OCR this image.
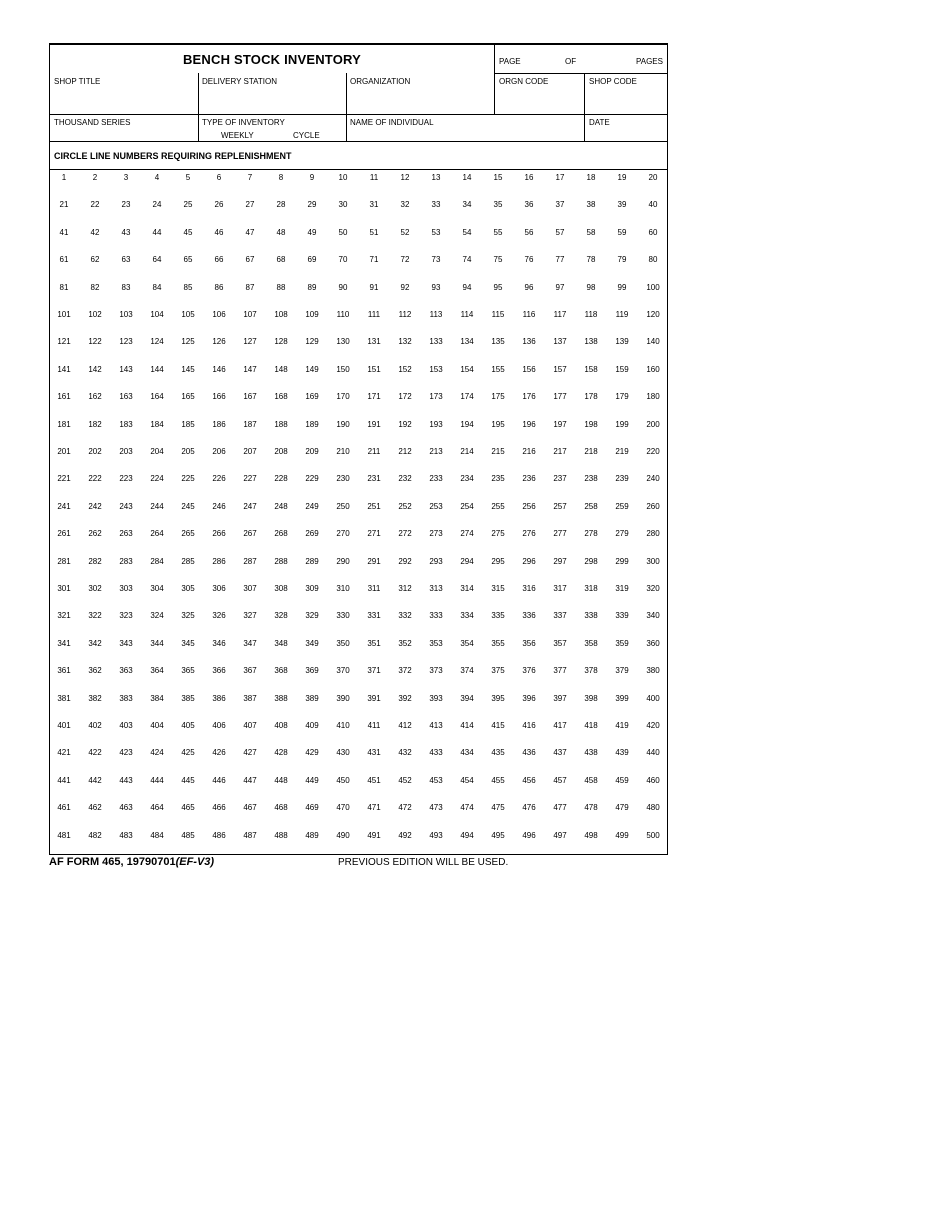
BENCH STOCK INVENTORY	PAGE	OF	PAGES
SHOP TITLE	DELIVERY STATION	ORGANIZATION	ORGN CODE	SHOP CODE
THOUSAND SERIES	TYPE OF INVENTORY
WEEKLY	CYCLE
NAME OF INDIVIDUAL	DATE
CIRCLE LINE NUMBERS REQUIRING REPLENISHMENT
1	2	3	4	5	6	7	8	9	10	11	12	13	14	15	16	17	18	19	20
21	22	23	24	25	26	27	28	29	30	31	32	33	34	35	36	37	38	39	40
41	42	43	44	45	46	47	48	49	50	51	52	53	54	55	56	57	58	59	60
61	62	63	64	65	66	67	68	69	70	71	72	73	74	75	76	77	78	79	80
81	82	83	84	85	86	87	88	89	90	91	92	93	94	95	96	97	98	99	100
101	102	103	104	105	106	107	108	109	110	111	112	113	114	115	116	117	118	119	120
121	122	123	124	125	126	127	128	129	130	131	132	133	134	135	136	137	138	139	140
141	142	143	144	145	146	147	148	149	150	151	152	153	154	155	156	157	158	159	160
161	162	163	164	165	166	167	168	169	170	171	172	173	174	175	176	177	178	179	180
181	182	183	184	185	186	187	188	189	190	191	192	193	194	195	196	197	198	199	200
201	202	203	204	205	206	207	208	209	210	211	212	213	214	215	216	217	218	219	220
221	222	223	224	225	226	227	228	229	230	231	232	233	234	235	236	237	238	239	240
241	242	243	244	245	246	247	248	249	250	251	252	253	254	255	256	257	258	259	260
261	262	263	264	265	266	267	268	269	270	271	272	273	274	275	276	277	278	279	280
281	282	283	284	285	286	287	288	289	290	291	292	293	294	295	296	297	298	299	300
301	302	303	304	305	306	307	308	309	310	311	312	313	314	315	316	317	318	319	320
321	322	323	324	325	326	327	328	329	330	331	332	333	334	335	336	337	338	339	340
341	342	343	344	345	346	347	348	349	350	351	352	353	354	355	356	357	358	359	360
361	362	363	364	365	366	367	368	369	370	371	372	373	374	375	376	377	378	379	380
381	382	383	384	385	386	387	388	389	390	391	392	393	394	395	396	397	398	399	400
401	402	403	404	405	406	407	408	409	410	411	412	413	414	415	416	417	418	419	420
421	422	423	424	425	426	427	428	429	430	431	432	433	434	435	436	437	438	439	440
441	442	443	444	445	446	447	448	449	450	451	452	453	454	455	456	457	458	459	460
461	462	463	464	465	466	467	468	469	470	471	472	473	474	475	476	477	478	479	480
481	482	483	484	485	486	487	488	489	490	491	492	493	494	495	496	497	498	499	500
AF FORM 465, 19790701(EF-V3)	PREVIOUS EDITION WILL BE USED.
